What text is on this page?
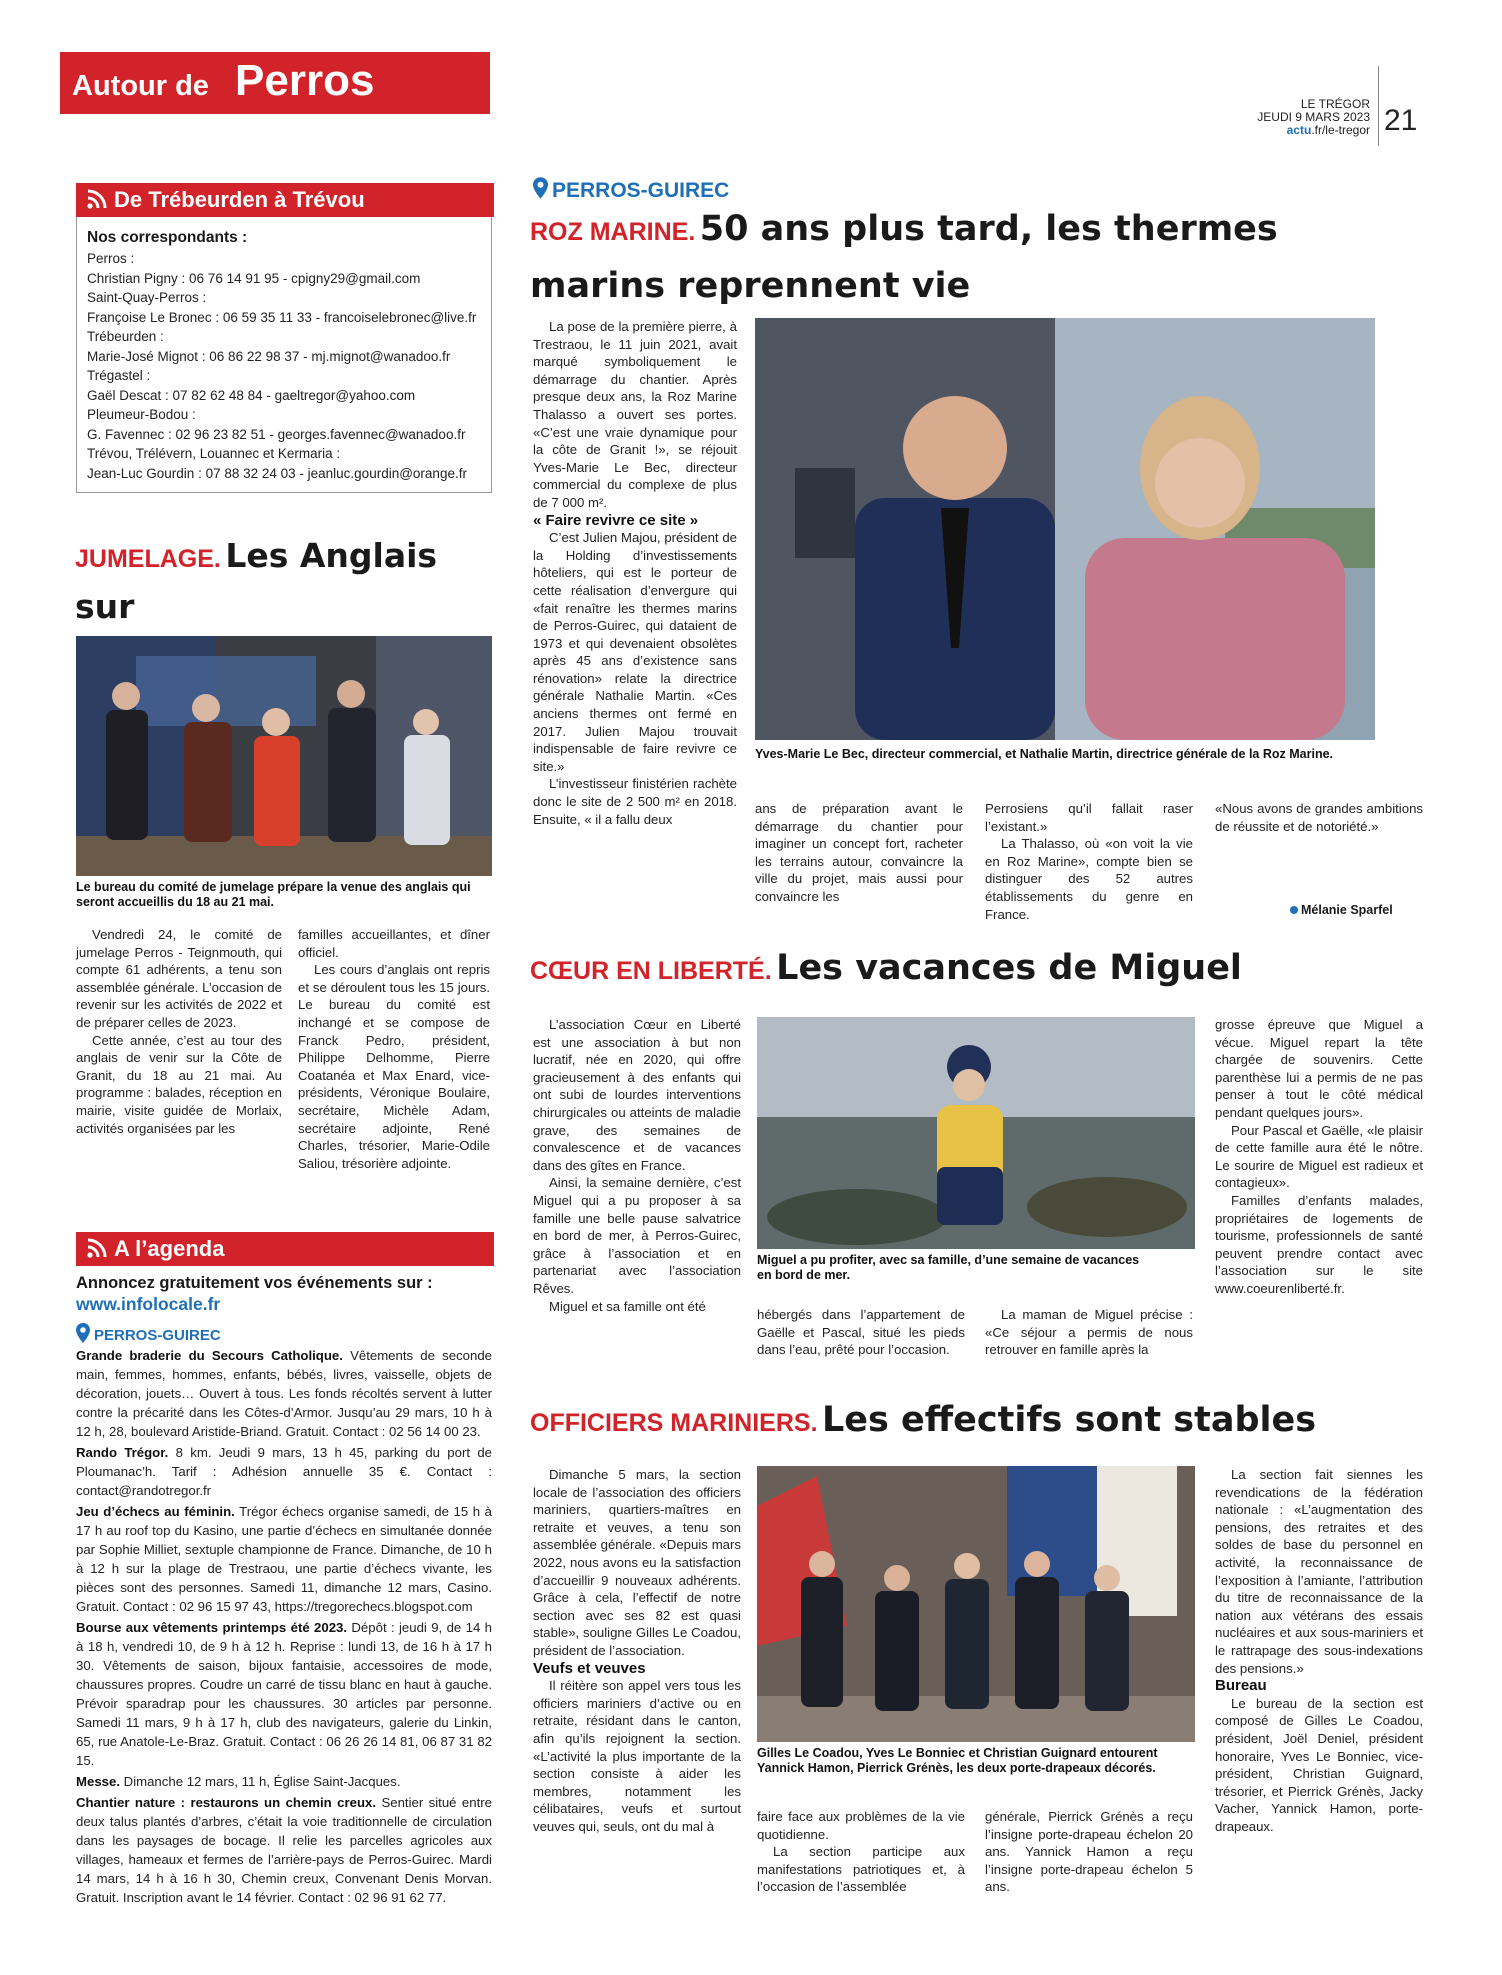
Autour de Perros	LE TRÉGOR
JEUDI 9 MARS 2023
actu.fr/le-tregor 21
De Trébeurden à Trévou
Nos correspondants :
Perros :
Christian Pigny : 06 76 14 91 95 - cpigny29@gmail.com
Saint-Quay-Perros :
Françoise Le Bronec : 06 59 35 11 33 - francoiselebronec@live.fr
Trébeurden :
Marie-José Mignot : 06 86 22 98 37 - mj.mignot@wanadoo.fr
Trégastel :
Gaël Descat : 07 82 62 48 84 - gaeltregor@yahoo.com
Pleumeur-Bodou :
G. Favennec : 02 96 23 82 51 - georges.favennec@wanadoo.fr
Trévou, Trélévern, Louannec et Kermaria :
Jean-Luc Gourdin : 07 88 32 24 03 - jeanluc.gourdin@orange.fr
JUMELAGE. Les Anglais sur

Le bureau du comité de jumelage prépare la venue des anglais qui seront accueillis du 18 au 21 mai.

Vendredi 24, le comité de jumelage Perros - Teignmouth, qui compte 61 adhérents, a tenu son assemblée générale. L’occasion de revenir sur les activités de 2022 et de préparer celles de 2023.

Cette année, c’est au tour des anglais de venir sur la Côte de Granit, du 18 au 21 mai. Au programme : balades, réception en mairie, visite guidée de Morlaix, activités organisées par les

familles accueillantes, et dîner officiel.

Les cours d’anglais ont repris et se déroulent tous les 15 jours. Le bureau du comité est inchangé et se compose de Franck Pedro, président, Philippe Delhomme, Pierre Coatanéa et Max Enard, vice-présidents, Véronique Boulaire, secrétaire, Michèle Adam, secrétaire adjointe, René Charles, trésorier, Marie-Odile Saliou, trésorière adjointe.

A l’agenda
Annoncez gratuitement vos événements sur :
www.infolocale.fr
PERROS-GUIREC
Grande braderie du Secours Catholique. Vêtements de seconde main, femmes, hommes, enfants, bébés, livres, vaisselle, objets de décoration, jouets… Ouvert à tous. Les fonds récoltés servent à lutter contre la précarité dans les Côtes-d’Armor. Jusqu’au 29 mars, 10 h à 12 h, 28, boulevard Aristide-Briand. Gratuit. Contact : 02 56 14 00 23.
Rando Trégor. 8 km. Jeudi 9 mars, 13 h 45, parking du port de Ploumanac’h. Tarif : Adhésion annuelle 35 €. Contact : contact@randotregor.fr
Jeu d’échecs au féminin. Trégor échecs organise samedi, de 15 h à 17 h au roof top du Kasino, une partie d’échecs en simultanée donnée par Sophie Milliet, sextuple championne de France. Dimanche, de 10 h à 12 h sur la plage de Trestraou, une partie d’échecs vivante, les pièces sont des personnes. Samedi 11, dimanche 12 mars, Casino. Gratuit. Contact : 02 96 15 97 43, https://tregorechecs.blogspot.com
Bourse aux vêtements printemps été 2023. Dépôt : jeudi 9, de 14 h à 18 h, vendredi 10, de 9 h à 12 h. Reprise : lundi 13, de 16 h à 17 h 30. Vêtements de saison, bijoux fantaisie, accessoires de mode, chaussures propres. Coudre un carré de tissu blanc en haut à gauche. Prévoir sparadrap pour les chaussures. 30 articles par personne. Samedi 11 mars, 9 h à 17 h, club des navigateurs, galerie du Linkin, 65, rue Anatole-Le-Braz. Gratuit. Contact : 06 26 26 14 81, 06 87 31 82 15.
Messe. Dimanche 12 mars, 11 h, Église Saint-Jacques.
Chantier nature : restaurons un chemin creux. Sentier situé entre deux talus plantés d’arbres, c’était la voie traditionnelle de circulation dans les paysages de bocage. Il relie les parcelles agricoles aux villages, hameaux et fermes de l’arrière-pays de Perros-Guirec. Mardi 14 mars, 14 h à 16 h 30, Chemin creux, Convenant Denis Morvan. Gratuit. Inscription avant le 14 février. Contact : 02 96 91 62 77.
PERROS-GUIREC
ROZ MARINE. 50 ans plus tard, les thermes
marins reprennent vie

La pose de la première pierre, à Trestraou, le 11 juin 2021, avait marqué symboliquement le démarrage du chantier. Après presque deux ans, la Roz Marine Thalasso a ouvert ses portes. «C’est une vraie dynamique pour la côte de Granit !», se réjouit Yves-Marie Le Bec, directeur commercial du complexe de plus de 7 000 m².

« Faire revivre ce site »

C’est Julien Majou, président de la Holding d’investissements hôteliers, qui est le porteur de cette réalisation d’envergure qui «fait renaître les thermes marins de Perros-Guirec, qui dataient de 1973 et qui devenaient obsolètes après 45 ans d’existence sans rénovation» relate la directrice générale Nathalie Martin. «Ces anciens thermes ont fermé en 2017. Julien Majou trouvait indispensable de faire revivre ce site.»

L’investisseur finistérien rachète donc le site de 2 500 m² en 2018. Ensuite, « il a fallu deux

Yves-Marie Le Bec, directeur commercial, et Nathalie Martin, directrice générale de la Roz Marine.

ans de préparation avant le démarrage du chantier pour imaginer un concept fort, racheter les terrains autour, convaincre la ville du projet, mais aussi pour convaincre les

Perrosiens qu’il fallait raser l’existant.»

La Thalasso, où «on voit la vie en Roz Marine», compte bien se distinguer des 52 autres établissements du genre en France.

«Nous avons de grandes ambitions de réussite et de notoriété.»

Mélanie Sparfel
CŒUR EN LIBERTÉ. Les vacances de Miguel

L’association Cœur en Liberté est une association à but non lucratif, née en 2020, qui offre gracieusement à des enfants qui ont subi de lourdes interventions chirurgicales ou atteints de maladie grave, des semaines de convalescence et de vacances dans des gîtes en France.

Ainsi, la semaine dernière, c’est Miguel qui a pu proposer à sa famille une belle pause salvatrice en bord de mer, à Perros-Guirec, grâce à l’association et en partenariat avec l’association Rêves.

Miguel et sa famille ont été

Miguel a pu profiter, avec sa famille, d’une semaine de vacances en bord de mer.

hébergés dans l’appartement de Gaëlle et Pascal, situé les pieds dans l’eau, prêté pour l’occasion.

La maman de Miguel précise : «Ce séjour a permis de nous retrouver en famille après la

grosse épreuve que Miguel a vécue. Miguel repart la tête chargée de souvenirs. Cette parenthèse lui a permis de ne pas penser à tout le côté médical pendant quelques jours».

Pour Pascal et Gaëlle, «le plaisir de cette famille aura été le nôtre. Le sourire de Miguel est radieux et contagieux».

Familles d’enfants malades, propriétaires de logements de tourisme, professionnels de santé peuvent prendre contact avec l’association sur le site www.coeurenliberté.fr.

OFFICIERS MARINIERS. Les effectifs sont stables

Dimanche 5 mars, la section locale de l’association des officiers mariniers, quartiers-maîtres en retraite et veuves, a tenu son assemblée générale. «Depuis mars 2022, nous avons eu la satisfaction d’accueillir 9 nouveaux adhérents. Grâce à cela, l’effectif de notre section avec ses 82 est quasi stable», souligne Gilles Le Coadou, président de l’association.

Veufs et veuves

Il réitère son appel vers tous les officiers mariniers d’active ou en retraite, résidant dans le canton, afin qu’ils rejoignent la section. «L’activité la plus importante de la section consiste à aider les membres, notamment les célibataires, veufs et surtout veuves qui, seuls, ont du mal à

Gilles Le Coadou, Yves Le Bonniec et Christian Guignard entourent Yannick Hamon, Pierrick Grénès, les deux porte-drapeaux décorés.

faire face aux problèmes de la vie quotidienne.

La section participe aux manifestations patriotiques et, à l’occasion de l’assemblée

générale, Pierrick Grénès a reçu l’insigne porte-drapeau échelon 20 ans. Yannick Hamon a reçu l’insigne porte-drapeau échelon 5 ans.

La section fait siennes les revendications de la fédération nationale : «L’augmentation des pensions, des retraites et des soldes de base du personnel en activité, la reconnaissance de l’exposition à l’amiante, l’attribution du titre de reconnaissance de la nation aux vétérans des essais nucléaires et aux sous-mariniers et le rattrapage des sous-indexations des pensions.»

Bureau

Le bureau de la section est composé de Gilles Le Coadou, président, Joël Deniel, président honoraire, Yves Le Bonniec, vice-président, Christian Guignard, trésorier, et Pierrick Grénès, Jacky Vacher, Yannick Hamon, porte-drapeaux.
